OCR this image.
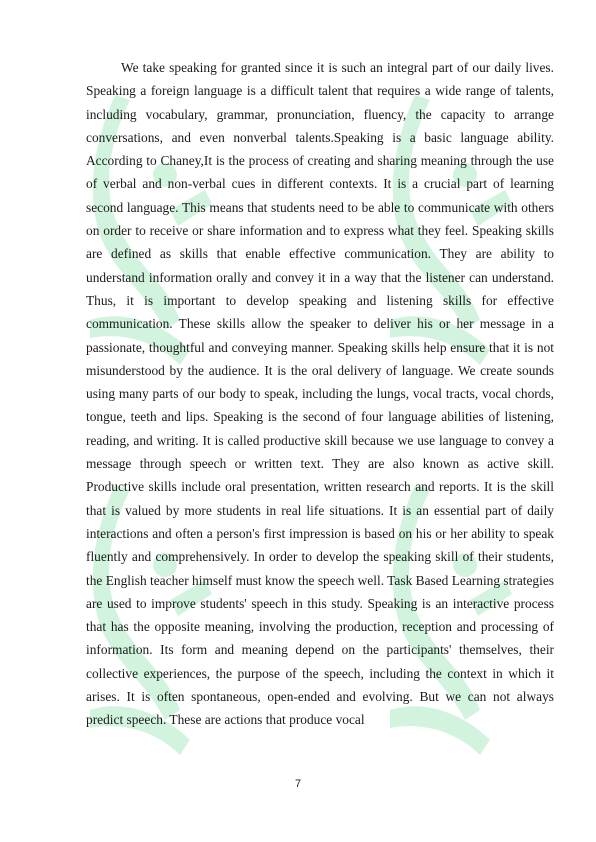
We take speaking for granted since it is such an integral part of our daily lives. Speaking a foreign language is a difficult talent that requires a wide range of talents, including vocabulary, grammar, pronunciation, fluency, the capacity to arrange conversations, and even nonverbal talents.Speaking is a basic language ability. According to Chaney,It is the process of creating and sharing meaning through the use of verbal and non-verbal cues in different contexts. It is a crucial part of learning second language. This means that students need to be able to communicate with others on order to receive or share information and to express what they feel. Speaking skills are defined as skills that enable effective communication. They are ability to understand information orally and convey it in a way that the listener can understand. Thus, it is important to develop speaking and listening skills for effective communication. These skills allow the speaker to deliver his or her message in a passionate, thoughtful and conveying manner. Speaking skills help ensure that it is not misunderstood by the audience. It is the oral delivery of language. We create sounds using many parts of our body to speak, including the lungs, vocal tracts, vocal chords, tongue, teeth and lips. Speaking is the second of four language abilities of listening, reading, and writing. It is called productive skill because we use language to convey a message through speech or written text. They are also known as active skill. Productive skills include oral presentation, written research and reports. It is the skill that is valued by more students in real life situations. It is an essential part of daily interactions and often a person's first impression is based on his or her ability to speak fluently and comprehensively. In order to develop the speaking skill of their students, the English teacher himself must know the speech well. Task Based Learning strategies are used to improve students' speech in this study. Speaking is an interactive process that has the opposite meaning, involving the production, reception and processing of information. Its form and meaning depend on the participants' themselves, their collective experiences, the purpose of the speech, including the context in which it arises. It is often spontaneous, open-ended and evolving. But we can not always predict speech. These are actions that produce vocal

7
